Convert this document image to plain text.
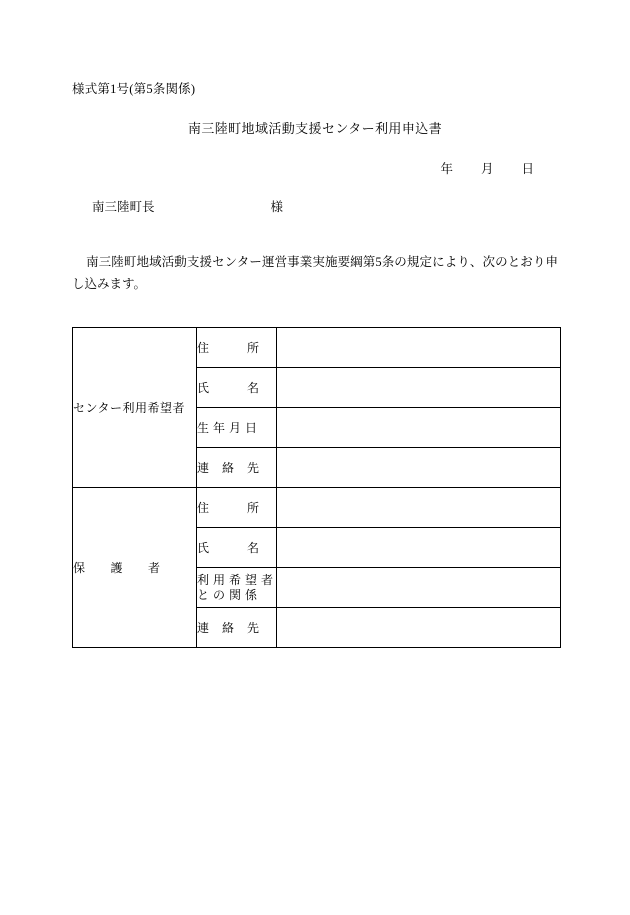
様式第1号(第5条関係)
南三陸町地域活動支援センター利用申込書
年 月 日
南三陸町長	様
南三陸町地域活動支援センター運営事業実施要綱第5条の規定により、次のとおり申し込みます。
センター利用希望者	住　　　所	
	氏　　　名	
	生 年 月 日	
	連　絡　先	

保　　護　　者	住　　　所	
	氏　　　名	

	利 用 希 望 者
と の 関 係	

	連　絡　先	
